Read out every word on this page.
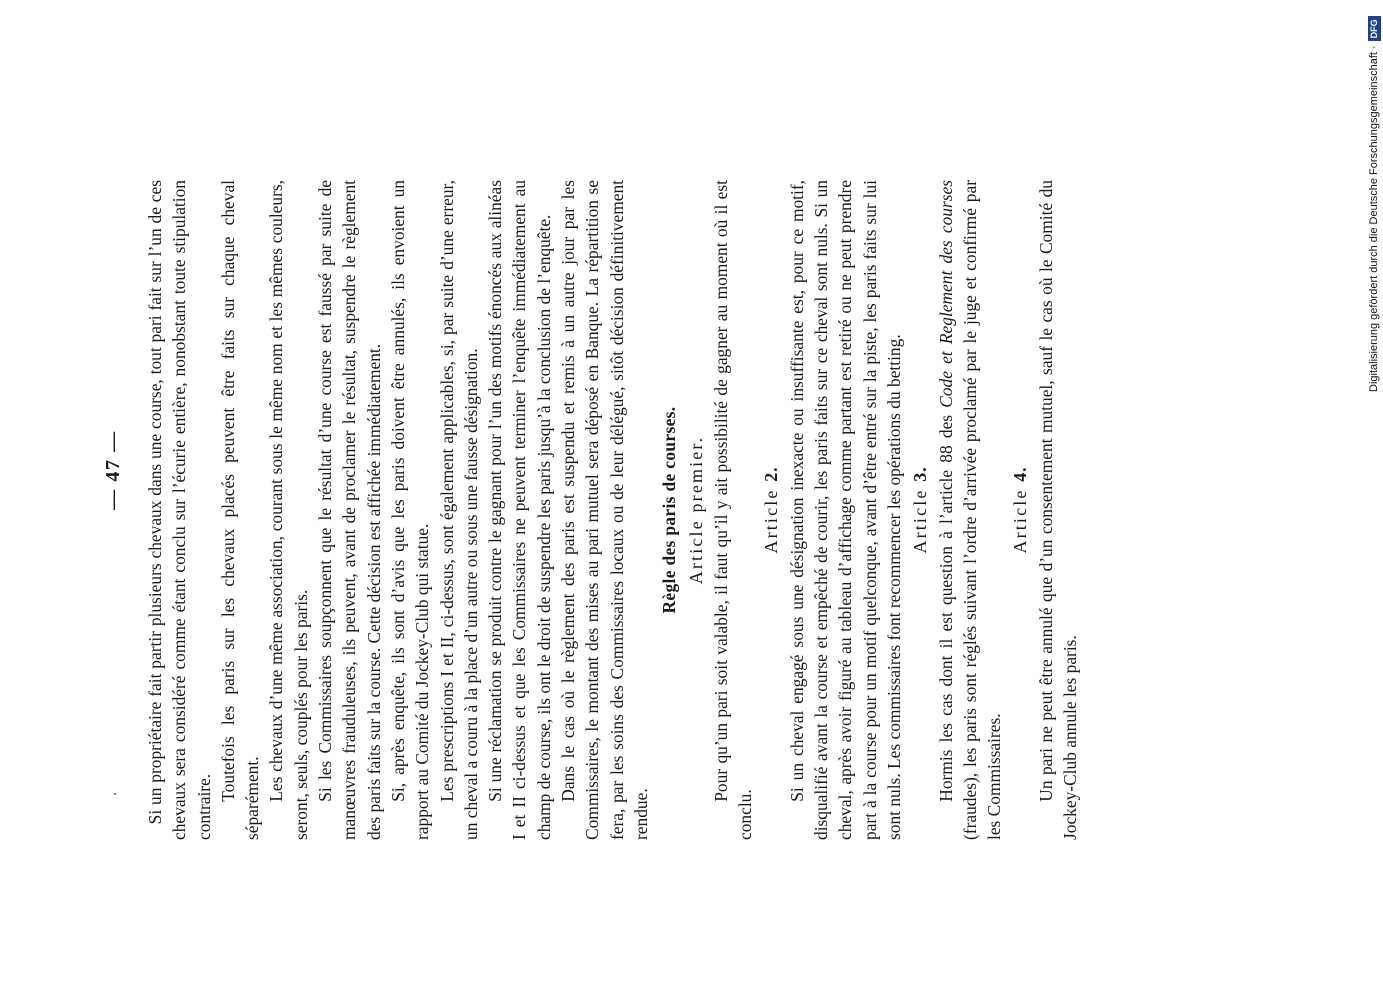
— 47 — Si un propriétaire fait partir plusieurs chevaux dans une course, tout pari fait sur l’un de ces chevaux sera considéré comme étant conclu sur l’écurie entière, nonobstant toute stipulation contraire.

Toutefois les paris sur les chevaux placés peuvent être faits sur chaque cheval séparément. Les chevaux d’une même association, courant sous le même nom et les mêmes couleurs, seront, seuls, couplés pour les paris. Si les Commissaires soupçonnent que le résultat d’une course est faussé par suite de manœuvres frauduleuses, ils peuvent, avant de proclamer le résultat, suspendre le règlement des paris faits sur la course. Cette décision est affichée immédiatement. Si, après enquête, ils sont d’avis que les paris doivent être annulés, ils envoient un rapport au Comité du Jockey-Club qui statue. Les prescriptions I et II, ci-dessus, sont également applicables, si, par suite d’une erreur, un cheval a couru à la place d’un autre ou sous une fausse désignation. Si une réclamation se produit contre le gagnant pour l’un des motifs énoncés aux alinéas I et II ci-dessus et que les Commissaires ne peuvent terminer l’enquête immédiatement au champ de course, ils ont le droit de suspendre les paris jusqu’à la conclusion de l’enquête. Dans le cas où le règlement des paris est suspendu et remis à un autre jour par les Commissaires, le montant des mises au pari mutuel sera déposé en Banque. La répartition se fera, par les soins des Commissaires locaux ou de leur délégué, sitôt décision définitivement rendue.

Règle des paris de courses. Article premier. Pour qu’un pari soit valable, il faut qu’il y ait possibilité de gagner au moment où il est conclu.

Article 2. Si un cheval engagé sous une désignation inexacte ou insuffisante est, pour ce motif, disqualifié avant la course et empêché de courir, les paris faits sur ce cheval sont nuls. Si un cheval, après avoir figuré au tableau d’affichage comme partant est retiré ou ne peut prendre part à la course pour un motif quelconque, avant d’être entré sur la piste, les paris faits sur lui sont nuls. Les commissaires font recommencer les opérations du betting. Article 3. Hormis les cas dont il est question à l’article 88 des Code et Reglement des courses (fraudes), les paris sont réglés suivant l’ordre d’arrivée proclamé par le juge et confirmé par les Commissaires.

Article 4. Un pari ne peut être annulé que d’un consentement mutuel, sauf le cas où le Comité du Jockey-Club annule les paris.

Digitalisierung gefördert durch die Deutsche Forschungsgemeinschaft ·
DFG
